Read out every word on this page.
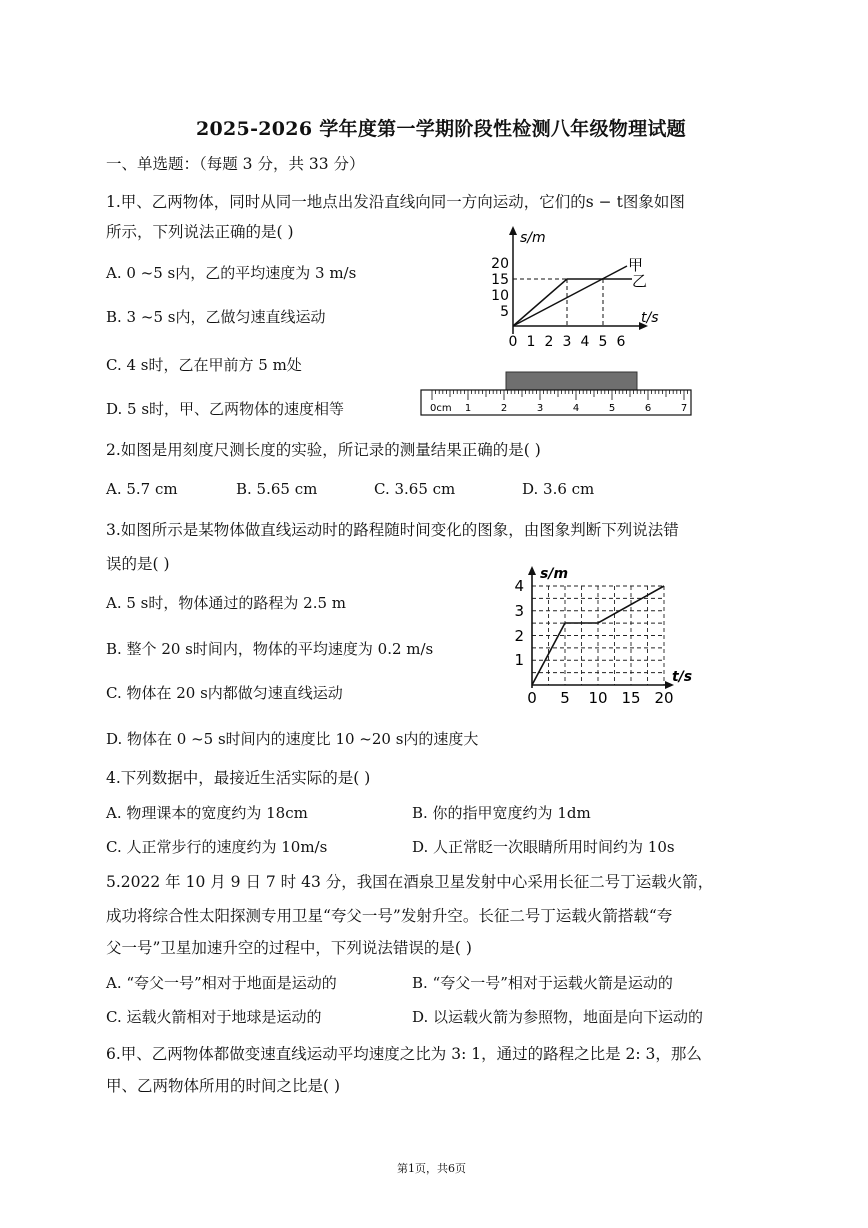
2025-2026 学年度第一学期阶段性检测八年级物理试题
一、单选题：（每题 3 分，共 33 分）
1.甲、乙两物体，同时从同一地点出发沿直线向同一方向运动，它们的s − t图象如图
所示，下列说法正确的是( )
A. 0 ~5 s内，乙的平均速度为 3 m/s
B. 3 ~5 s内，乙做匀速直线运动
C. 4 s时，乙在甲前方 5 m处
D. 5 s时，甲、乙两物体的速度相等
s/m
t/s
20
15
10
5
0 1 2 3 4 5 6
甲
乙
0cm 1	2	3	4	5	6	7
2.如图是用刻度尺测长度的实验，所记录的测量结果正确的是( )
A. 5.7 cm	B. 5.65 cm	C. 3.65 cm	D. 3.6 cm
3.如图所示是某物体做直线运动时的路程随时间变化的图象，由图象判断下列说法错
误的是( )
A. 5 s时，物体通过的路程为 2.5 m
B. 整个 20 s时间内，物体的平均速度为 0.2 m/s
C. 物体在 20 s内都做匀速直线运动
D. 物体在 0 ~5 s时间内的速度比 10 ~20 s内的速度大
s/m
t/s
4
3
2
1
0 5 10 15 20
4.下列数据中，最接近生活实际的是( )
A. 物理课本的宽度约为 18cm	B. 你的指甲宽度约为 1dm
C. 人正常步行的速度约为 10m/s	D. 人正常眨一次眼睛所用时间约为 10s
5.2022 年 10 月 9 日 7 时 43 分，我国在酒泉卫星发射中心采用长征二号丁运载火箭，
成功将综合性太阳探测专用卫星“夸父一号”发射升空。长征二号丁运载火箭搭载“夸
父一号”卫星加速升空的过程中，下列说法错误的是( )
A. “夸父一号”相对于地面是运动的	B. “夸父一号”相对于运载火箭是运动的
C. 运载火箭相对于地球是运动的	D. 以运载火箭为参照物，地面是向下运动的
6.甲、乙两物体都做变速直线运动平均速度之比为 3: 1，通过的路程之比是 2: 3，那么
甲、乙两物体所用的时间之比是( )
第1页，共6页
